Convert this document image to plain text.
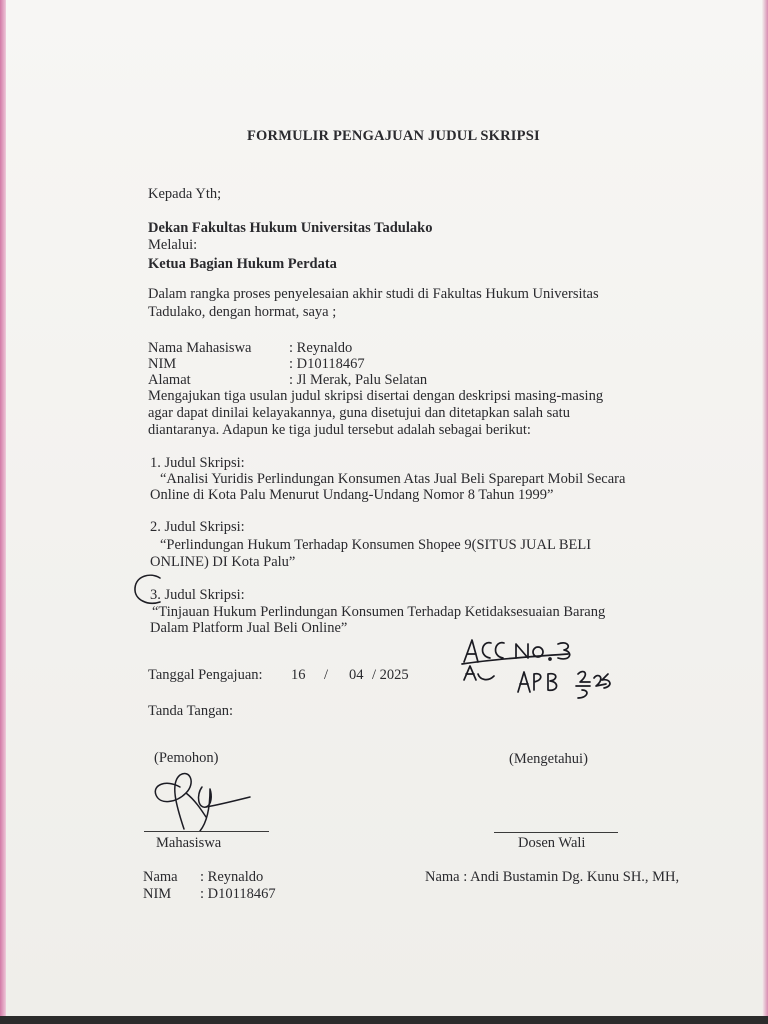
FORMULIR PENGAJUAN JUDUL SKRIPSI
Kepada Yth;
Dekan Fakultas Hukum Universitas Tadulako
Melalui:
Ketua Bagian Hukum Perdata
Dalam rangka proses penyelesaian akhir studi di Fakultas Hukum Universitas
Tadulako, dengan hormat, saya ;
Nama Mahasiswa	: Reynaldo
NIM	: D10118467
Alamat	: Jl Merak, Palu Selatan
Mengajukan tiga usulan judul skripsi disertai dengan deskripsi masing-masing
agar dapat dinilai kelayakannya, guna disetujui dan ditetapkan salah satu
diantaranya. Adapun ke tiga judul tersebut adalah sebagai berikut:
1. Judul Skripsi:
“Analisi Yuridis Perlindungan Konsumen Atas Jual Beli Sparepart Mobil Secara
Online di Kota Palu Menurut Undang-Undang Nomor 8 Tahun 1999”
2. Judul Skripsi:
“Perlindungan Hukum Terhadap Konsumen Shopee 9(SITUS JUAL BELI
ONLINE) DI Kota Palu”
3. Judul Skripsi:
“Tinjauan Hukum Perlindungan Konsumen Terhadap Ketidaksesuaian Barang
Dalam Platform Jual Beli Online”
Tanggal Pengajuan: 16 / 04 / 2025
Tanda Tangan:
(Pemohon)
Mahasiswa
Nama : Reynaldo
NIM : D10118467
(Mengetahui)
Dosen Wali
Nama : Andi Bustamin Dg. Kunu SH., MH,
